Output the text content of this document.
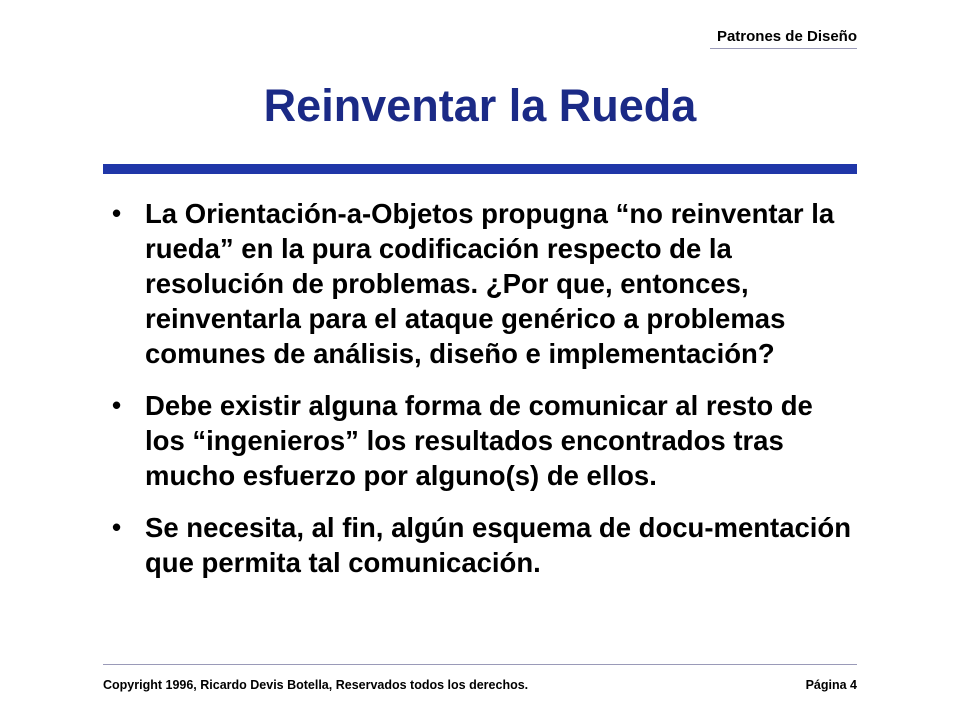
Patrones de Diseño
Reinventar la Rueda
• La Orientación-a-Objetos propugna “no reinventar la rueda” en la pura codificación respecto de la resolución de problemas. ¿Por que, entonces, reinventarla para el ataque genérico a problemas comunes de análisis, diseño e implementación?
• Debe existir alguna forma de comunicar al resto de los “ingenieros” los resultados encontrados tras mucho esfuerzo por alguno(s) de ellos.
• Se necesita, al fin, algún esquema de docu-mentación que permita tal comunicación.
Copyright 1996, Ricardo Devis Botella, Reservados todos los derechos.	Página 4
